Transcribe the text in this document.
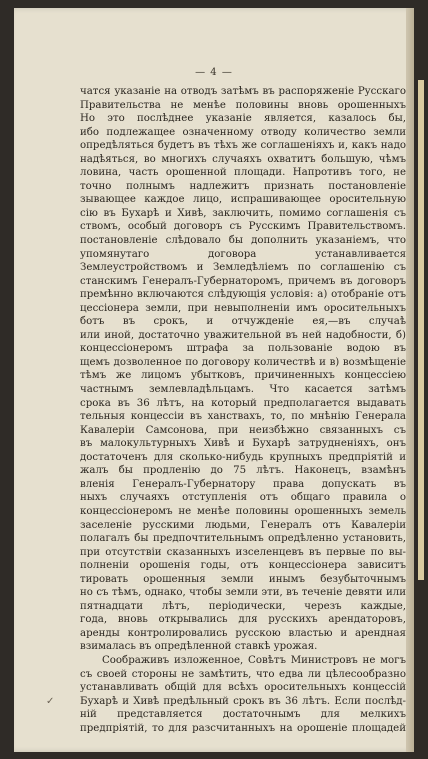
— 4 —
чатся указаніе на отводъ затѣмъ въ распоряженіе Русскаго
Правительства не менѣе половины вновь орошенныхъ
Но это послѣднее указаніе является, казалось бы,
ибо подлежащее означенному отводу количество земли
опредѣляться будетъ въ тѣхъ же соглашеніяхъ и, какъ надо
надѣяться, во многихъ случаяхъ охватитъ большую, чѣмъ
ловина, часть орошенной площади. Напротивъ того, не
точно полнымъ надлежитъ признать постановленіе
зывающее каждое лицо, испрашивающее оросительную
сію въ Бухарѣ и Хивѣ, заключить, помимо соглашенія съ
ствомъ, особый договоръ съ Русскимъ Правительствомъ.
постановленіе слѣдовало бы дополнить указаніемъ, что
упомянутаго договора устанавливается
Землеустройствомъ и Земледѣліемъ по соглашенію съ
станскимъ Генералъ-Губернаторомъ, причемъ въ договоръ
премѣнно включаются слѣдующія условія: а) отобраніе отъ
цессіонера земли, при невыполненіи имъ оросительныхъ
ботъ въ срокъ, и отчужденіе ея,—въ случаѣ
или иной, достаточно уважительной въ ней надобности, б)
концессіонеромъ штрафа за пользованіе водою въ
щемъ дозволенное по договору количествѣ и в) возмѣщеніе
тѣмъ же лицомъ убытковъ, причиненныхъ концессіею
частнымъ землевладѣльцамъ. Что касается затѣмъ
срока въ 36 лѣтъ, на который предполагается выдавать
тельныя концессіи въ ханствахъ, то, по мнѣнію Генерала
Кавалеріи Самсонова, при неизбѣжно связанныхъ съ
въ малокультурныхъ Хивѣ и Бухарѣ затрудненіяхъ, онъ
достаточенъ для сколько-нибудь крупныхъ предпріятій и
жалъ бы продленію до 75 лѣтъ. Наконецъ, взамѣнъ
вленія Генералъ-Губернатору права допускать въ
ныхъ случаяхъ отступленія отъ общаго правила о
концессіонеромъ не менѣе половины орошенныхъ земель
заселеніе русскими людьми, Генералъ отъ Кавалеріи
полагалъ бы предпочтительнымъ опредѣленно установить,
при отсутствіи сказанныхъ изселенцевъ въ первые по вы-
полненіи орошенія годы, отъ концессіонера зависитъ
тировать орошенныя земли инымъ безубыточнымъ
но съ тѣмъ, однако, чтобы земли эти, въ теченіе девяти или
пятнадцати лѣтъ, періодически, черезъ каждые,
года, вновь открывались для русскихъ арендаторовъ,
аренды контролировались русскою властью и арендная
взималась въ опредѣленной ставкѣ урожая.
Соображивъ изложенное, Совѣтъ Министровъ не могъ
съ своей стороны не замѣтить, что едва ли цѣлесообразно
устанавливать общій для всѣхъ оросительныхъ концессій
Бухарѣ и Хивѣ предѣльный срокъ въ 36 лѣтъ. Если послѣд-
ній представляется достаточнымъ для мелкихъ
предпріятій, то для разсчитанныхъ на орошеніе площадей
✓
